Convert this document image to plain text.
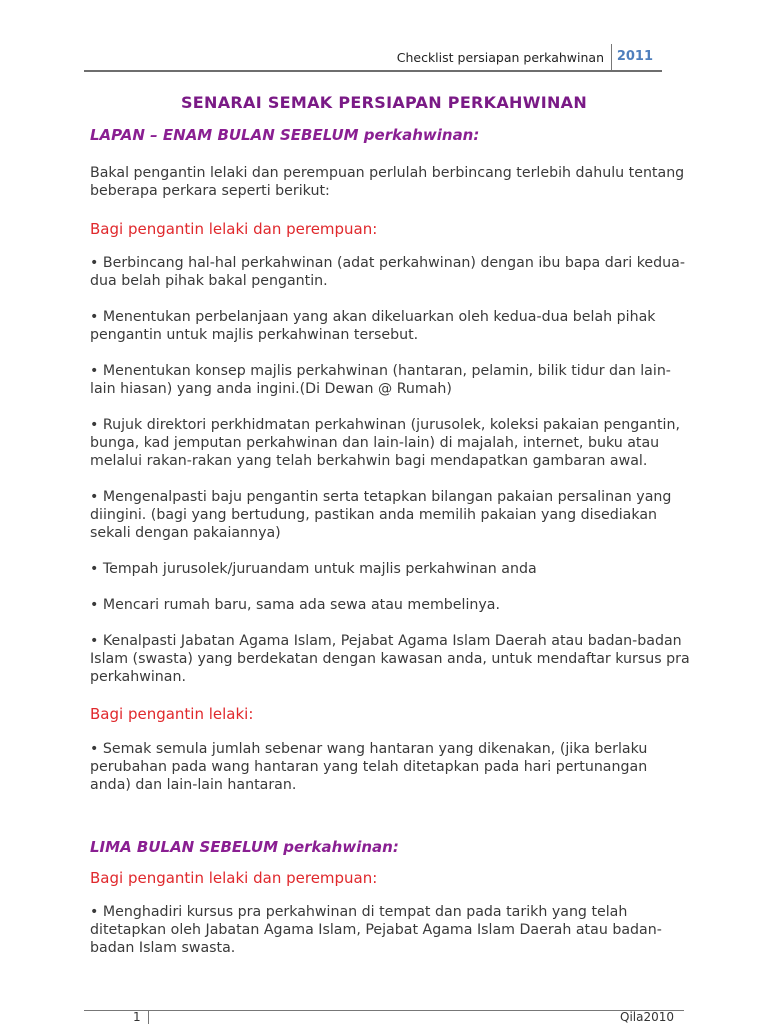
Checklist persiapan perkahwinan 2011
SENARAI SEMAK PERSIAPAN PERKAHWINAN

LAPAN – ENAM BULAN SEBELUM perkahwinan:

Bakal pengantin lelaki dan perempuan perlulah berbincang terlebih dahulu tentang beberapa perkara seperti berikut:

Bagi pengantin lelaki dan perempuan:

• Berbincang hal-hal perkahwinan (adat perkahwinan) dengan ibu bapa dari kedua-dua belah pihak bakal pengantin.

• Menentukan perbelanjaan yang akan dikeluarkan oleh kedua-dua belah pihak pengantin untuk majlis perkahwinan tersebut.

• Menentukan konsep majlis perkahwinan (hantaran, pelamin, bilik tidur dan lain-lain hiasan) yang anda ingini.(Di Dewan @ Rumah)

• Rujuk direktori perkhidmatan perkahwinan (jurusolek, koleksi pakaian pengantin, bunga, kad jemputan perkahwinan dan lain-lain) di majalah, internet, buku atau melalui rakan-rakan yang telah berkahwin bagi mendapatkan gambaran awal.

• Mengenalpasti baju pengantin serta tetapkan bilangan pakaian persalinan yang diingini. (bagi yang bertudung, pastikan anda memilih pakaian yang disediakan sekali dengan pakaiannya)

• Tempah jurusolek/juruandam untuk majlis perkahwinan anda

• Mencari rumah baru, sama ada sewa atau membelinya.

• Kenalpasti Jabatan Agama Islam, Pejabat Agama Islam Daerah atau badan-badan Islam (swasta) yang berdekatan dengan kawasan anda, untuk mendaftar kursus pra perkahwinan.

Bagi pengantin lelaki:

• Semak semula jumlah sebenar wang hantaran yang dikenakan, (jika berlaku perubahan pada wang hantaran yang telah ditetapkan pada hari pertunangan anda) dan lain-lain hantaran.

LIMA BULAN SEBELUM perkahwinan:

Bagi pengantin lelaki dan perempuan:

• Menghadiri kursus pra perkahwinan di tempat dan pada tarikh yang telah ditetapkan oleh Jabatan Agama Islam, Pejabat Agama Islam Daerah atau badan-badan Islam swasta.

1	Qila2010
